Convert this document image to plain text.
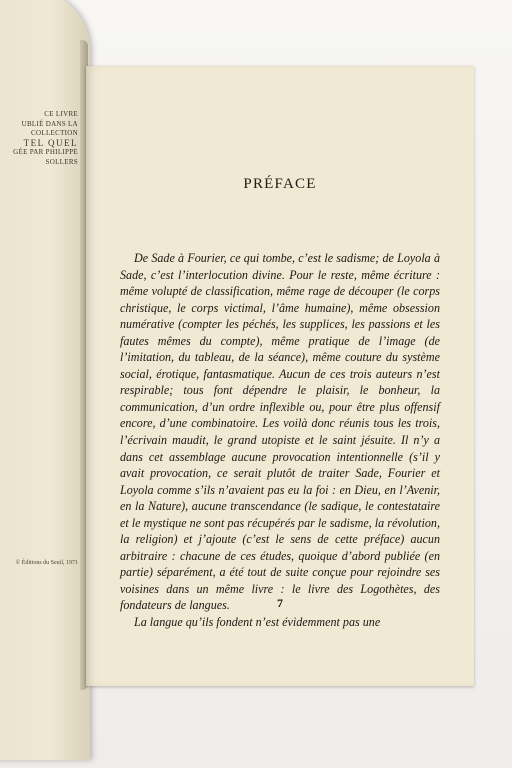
CE LIVRE
UBLIÉ DANS LA COLLECTION
TEL QUEL
GÉE PAR PHILIPPE SOLLERS
© Éditions du Seuil, 1971
PRÉFACE

De Sade à Fourier, ce qui tombe, c’est le sadisme; de Loyola à Sade, c’est l’interlocution divine. Pour le reste, même écriture : même volupté de classification, même rage de découper (le corps christique, le corps victimal, l’âme humaine), même obsession numérative (compter les péchés, les supplices, les passions et les fautes mêmes du compte), même pratique de l’image (de l’imitation, du tableau, de la séance), même couture du système social, érotique, fantasmatique. Aucun de ces trois auteurs n’est respirable; tous font dépendre le plaisir, le bonheur, la communication, d’un ordre inflexible ou, pour être plus offensif encore, d’une combinatoire. Les voilà donc réunis tous les trois, l’écrivain maudit, le grand utopiste et le saint jésuite. Il n’y a dans cet assemblage aucune provocation intentionnelle (s’il y avait provocation, ce serait plutôt de traiter Sade, Fourier et Loyola comme s’ils n’avaient pas eu la foi : en Dieu, en l’Avenir, en la Nature), aucune transcendance (le sadique, le contestataire et le mystique ne sont pas récupérés par le sadisme, la révolution, la religion) et j’ajoute (c’est le sens de cette préface) aucun arbitraire : chacune de ces études, quoique d’abord publiée (en partie) séparément, a été tout de suite conçue pour rejoindre ses voisines dans un même livre : le livre des Logothètes, des fondateurs de langues.

La langue qu’ils fondent n’est évidemment pas une

7
